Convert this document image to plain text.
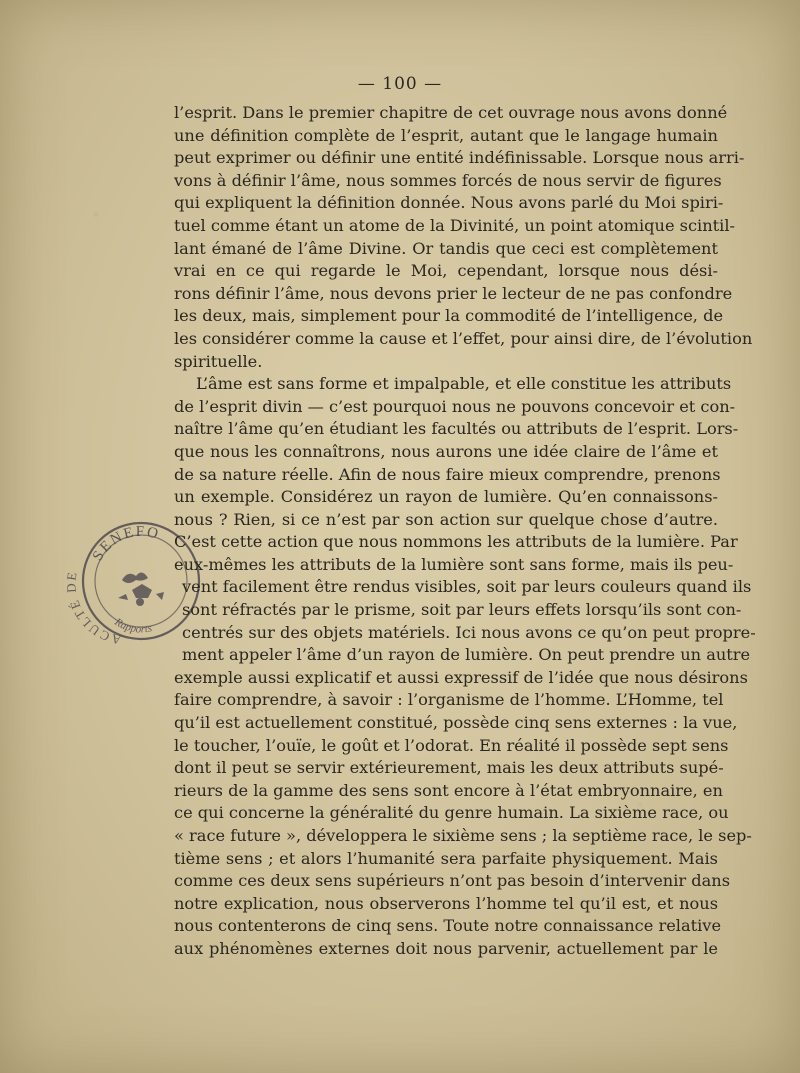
— 100 —
SENEFO
ACULTÉ DE
Rapports
l’esprit. Dans le premier chapitre de cet ouvrage nous avons donné
une définition complète de l’esprit, autant que le langage humain
peut exprimer ou définir une entité indéfinissable. Lorsque nous arri-
vons à définir l’âme, nous sommes forcés de nous servir de figures
qui expliquent la définition donnée. Nous avons parlé du Moi spiri-
tuel comme étant un atome de la Divinité, un point atomique scintil-
lant émané de l’âme Divine. Or tandis que ceci est complètement
vrai en ce qui regarde le Moi, cependant, lorsque nous dési-
rons définir l’âme, nous devons prier le lecteur de ne pas confondre
les deux, mais, simplement pour la commodité de l’intelligence, de
les considérer comme la cause et l’effet, pour ainsi dire, de l’évolution
spirituelle.
L’âme est sans forme et impalpable, et elle constitue les attributs
de l’esprit divin — c’est pourquoi nous ne pouvons concevoir et con-
naître l’âme qu’en étudiant les facultés ou attributs de l’esprit. Lors-
que nous les connaîtrons, nous aurons une idée claire de l’âme et
de sa nature réelle. Afin de nous faire mieux comprendre, prenons
un exemple. Considérez un rayon de lumière. Qu’en connaissons-
nous ? Rien, si ce n’est par son action sur quelque chose d’autre.
C’est cette action que nous nommons les attributs de la lumière. Par
eux-mêmes les attributs de la lumière sont sans forme, mais ils peu-
vent facilement être rendus visibles, soit par leurs couleurs quand ils
sont réfractés par le prisme, soit par leurs effets lorsqu’ils sont con-
centrés sur des objets matériels. Ici nous avons ce qu’on peut propre-
ment appeler l’âme d’un rayon de lumière. On peut prendre un autre
exemple aussi explicatif et aussi expressif de l’idée que nous désirons
faire comprendre, à savoir : l’organisme de l’homme. L’Homme, tel
qu’il est actuellement constitué, possède cinq sens externes : la vue,
le toucher, l’ouïe, le goût et l’odorat. En réalité il possède sept sens
dont il peut se servir extérieurement, mais les deux attributs supé-
rieurs de la gamme des sens sont encore à l’état embryonnaire, en
ce qui concerne la généralité du genre humain. La sixième race, ou
« race future », développera le sixième sens ; la septième race, le sep-
tième sens ; et alors l’humanité sera parfaite physiquement. Mais
comme ces deux sens supérieurs n’ont pas besoin d’intervenir dans
notre explication, nous observerons l’homme tel qu’il est, et nous
nous contenterons de cinq sens. Toute notre connaissance relative
aux phénomènes externes doit nous parvenir, actuellement par le
